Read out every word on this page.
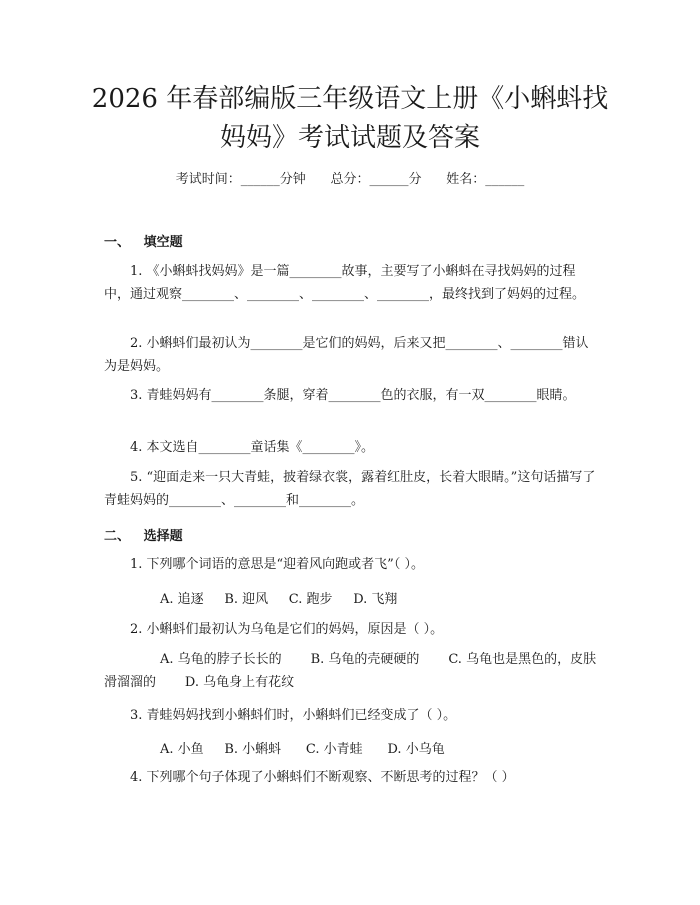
2026 年春部编版三年级语文上册《小蝌蚪找妈妈》考试试题及答案
考试时间：______分钟      总分：______分      姓名：______
一、   填空题

1. 《小蝌蚪找妈妈》是一篇________故事，主要写了小蝌蚪在寻找妈妈的过程中，通过观察________、________、________、________，最终找到了妈妈的过程。

2. 小蝌蚪们最初认为________是它们的妈妈，后来又把________、________错认为是妈妈。

3. 青蛙妈妈有________条腿，穿着________色的衣服，有一双________眼睛。

4. 本文选自________童话集《________》。

5. “迎面走来一只大青蛙，披着绿衣裳，露着红肚皮，长着大眼睛。”这句话描写了青蛙妈妈的________、________和________。

二、   选择题

1. 下列哪个词语的意思是“迎着风向跑或者飞”（ ）。

A. 追逐     B. 迎风     C. 跑步     D. 飞翔

2. 小蝌蚪们最初认为乌龟是它们的妈妈，原因是（ ）。

A. 乌龟的脖子长长的       B. 乌龟的壳硬硬的       C. 乌龟也是黑色的，皮肤滑溜溜的       D. 乌龟身上有花纹

3. 青蛙妈妈找到小蝌蚪们时，小蝌蚪们已经变成了（ ）。

A. 小鱼     B. 小蝌蚪      C. 小青蛙      D. 小乌龟

4. 下列哪个句子体现了小蝌蚪们不断观察、不断思考的过程？（ ）
